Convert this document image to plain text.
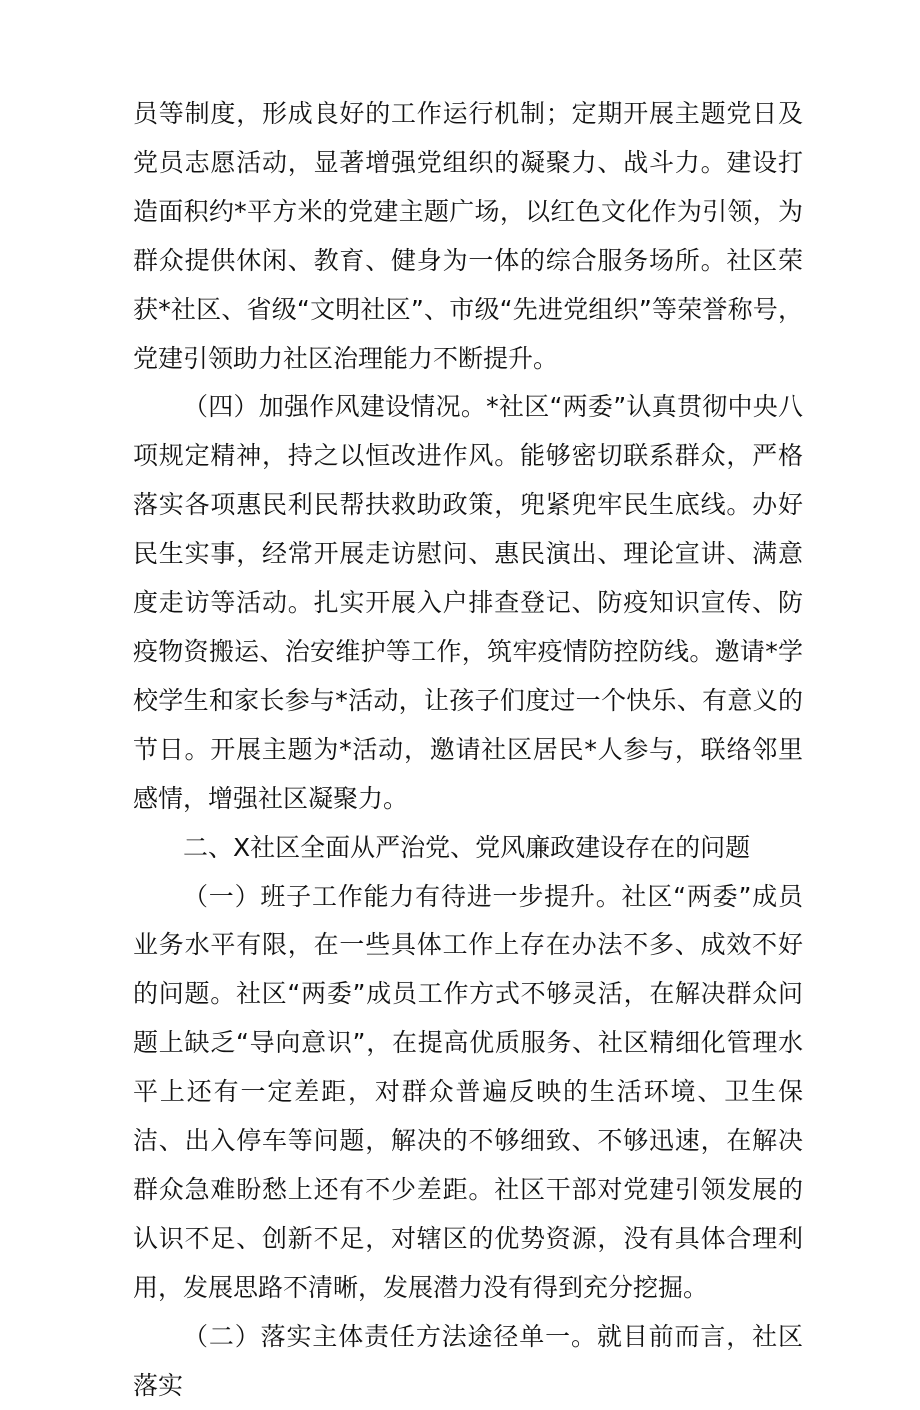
员等制度，形成良好的工作运行机制；定期开展主题党日及党员志愿活动，显著增强党组织的凝聚力、战斗力。建设打造面积约*平方米的党建主题广场，以红色文化作为引领，为群众提供休闲、教育、健身为一体的综合服务场所。社区荣获*社区、省级“文明社区”、市级“先进党组织”等荣誉称号，党建引领助力社区治理能力不断提升。

（四）加强作风建设情况。*社区“两委”认真贯彻中央八项规定精神，持之以恒改进作风。能够密切联系群众，严格落实各项惠民利民帮扶救助政策，兜紧兜牢民生底线。办好民生实事，经常开展走访慰问、惠民演出、理论宣讲、满意度走访等活动。扎实开展入户排查登记、防疫知识宣传、防疫物资搬运、治安维护等工作，筑牢疫情防控防线。邀请*学校学生和家长参与*活动，让孩子们度过一个快乐、有意义的节日。开展主题为*活动，邀请社区居民*人参与，联络邻里感情，增强社区凝聚力。

二、X社区全面从严治党、党风廉政建设存在的问题

（一）班子工作能力有待进一步提升。社区“两委”成员业务水平有限，在一些具体工作上存在办法不多、成效不好的问题。社区“两委”成员工作方式不够灵活，在解决群众问题上缺乏“导向意识”，在提高优质服务、社区精细化管理水平上还有一定差距，对群众普遍反映的生活环境、卫生保洁、出入停车等问题，解决的不够细致、不够迅速，在解决群众急难盼愁上还有不少差距。社区干部对党建引领发展的认识不足、创新不足，对辖区的优势资源，没有具体合理利用，发展思路不清晰，发展潜力没有得到充分挖掘。

（二）落实主体责任方法途径单一。就目前而言，社区落实
